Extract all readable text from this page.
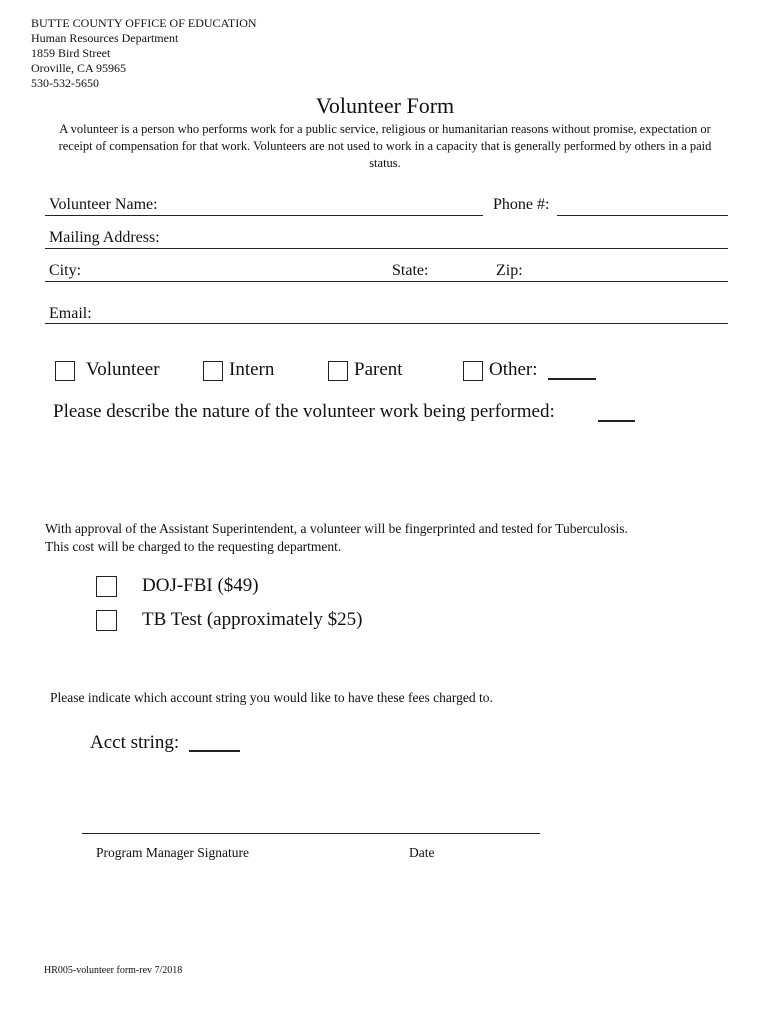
BUTTE COUNTY OFFICE OF EDUCATION
Human Resources Department
1859 Bird Street
Oroville, CA 95965
530-532-5650
Volunteer Form
A volunteer is a person who performs work for a public service, religious or humanitarian reasons without promise, expectation or receipt of compensation for that work. Volunteers are not used to work in a capacity that is generally performed by others in a paid status.
Volunteer Name:	Phone #:
Mailing Address:
City:	State:	Zip:
Email:
Volunteer	Intern	Parent	Other:
Please describe the nature of the volunteer work being performed:
With approval of the Assistant Superintendent, a volunteer will be fingerprinted and tested for Tuberculosis.
This cost will be charged to the requesting department.
DOJ-FBI ($49)
TB Test (approximately $25)
Please indicate which account string you would like to have these fees charged to.
Acct string:
Program Manager Signature	Date
HR005-volunteer form-rev 7/2018
